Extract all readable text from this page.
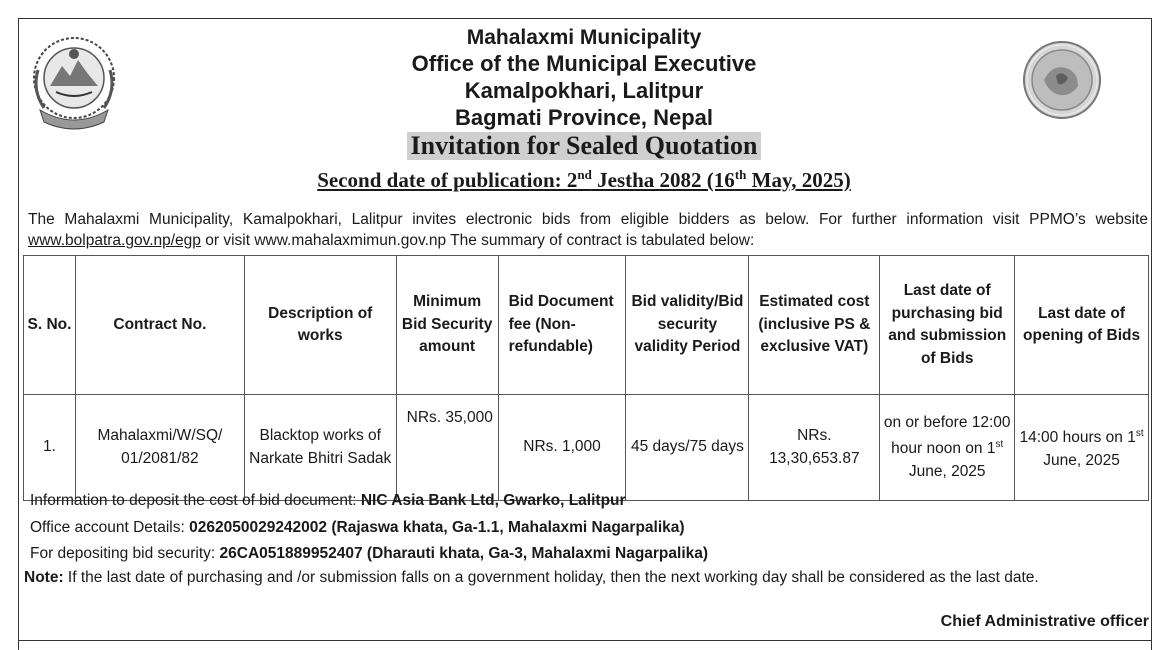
Mahalaxmi Municipality
Office of the Municipal Executive
Kamalpokhari, Lalitpur
Bagmati Province, Nepal
Invitation for Sealed Quotation
Second date of publication: 2nd Jestha 2082 (16th May, 2025)
The Mahalaxmi Municipality, Kamalpokhari, Lalitpur invites electronic bids from eligible bidders as below. For further information visit PPMO’s website www.bolpatra.gov.np/egp or visit www.mahalaxmimun.gov.np The summary of contract is tabulated below:
S. No.	Contract No.	Description of works	Minimum Bid Security amount	Bid Document fee (Non-refundable)	Bid validity/Bid security validity Period	Estimated cost (inclusive PS & exclusive VAT)	Last date of purchasing bid and submission of Bids	Last date of opening of Bids
1.	Mahalaxmi/W/SQ/ 01/2081/82	Blacktop works of Narkate Bhitri Sadak	NRs. 35,000	NRs. 1,000	45 days/75 days	NRs. 13,30,653.87	on or before 12:00 hour noon on 1st June, 2025	14:00 hours on 1st June, 2025
Information to deposit the cost of bid document: NIC Asia Bank Ltd, Gwarko, Lalitpur
Office account Details: 0262050029242002 (Rajaswa khata, Ga-1.1, Mahalaxmi Nagarpalika)
For depositing bid security: 26CA051889952407 (Dharauti khata, Ga-3, Mahalaxmi Nagarpalika)
Note: If the last date of purchasing and /or submission falls on a government holiday, then the next working day shall be considered as the last date.
Chief Administrative officer
